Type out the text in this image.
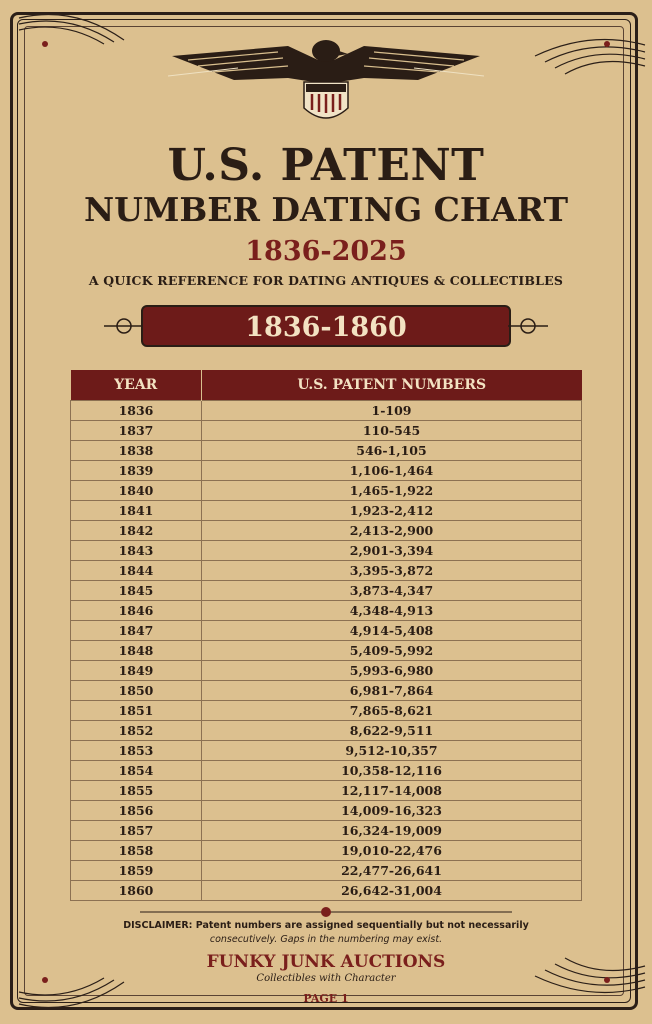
U.S. PATENT
NUMBER DATING CHART
1836-2025
A QUICK REFERENCE FOR DATING ANTIQUES & COLLECTIBLES
1836-1860
YEAR	U.S. PATENT NUMBERS
1836	1-109
1837	110-545
1838	546-1,105
1839	1,106-1,464
1840	1,465-1,922
1841	1,923-2,412
1842	2,413-2,900
1843	2,901-3,394
1844	3,395-3,872
1845	3,873-4,347
1846	4,348-4,913
1847	4,914-5,408
1848	5,409-5,992
1849	5,993-6,980
1850	6,981-7,864
1851	7,865-8,621
1852	8,622-9,511
1853	9,512-10,357
1854	10,358-12,116
1855	12,117-14,008
1856	14,009-16,323
1857	16,324-19,009
1858	19,010-22,476
1859	22,477-26,641
1860	26,642-31,004
DISCLAIMER: Patent numbers are assigned sequentially but not necessarily
consecutively. Gaps in the numbering may exist.
FUNKY JUNK AUCTIONS
Collectibles with Character
PAGE 1
